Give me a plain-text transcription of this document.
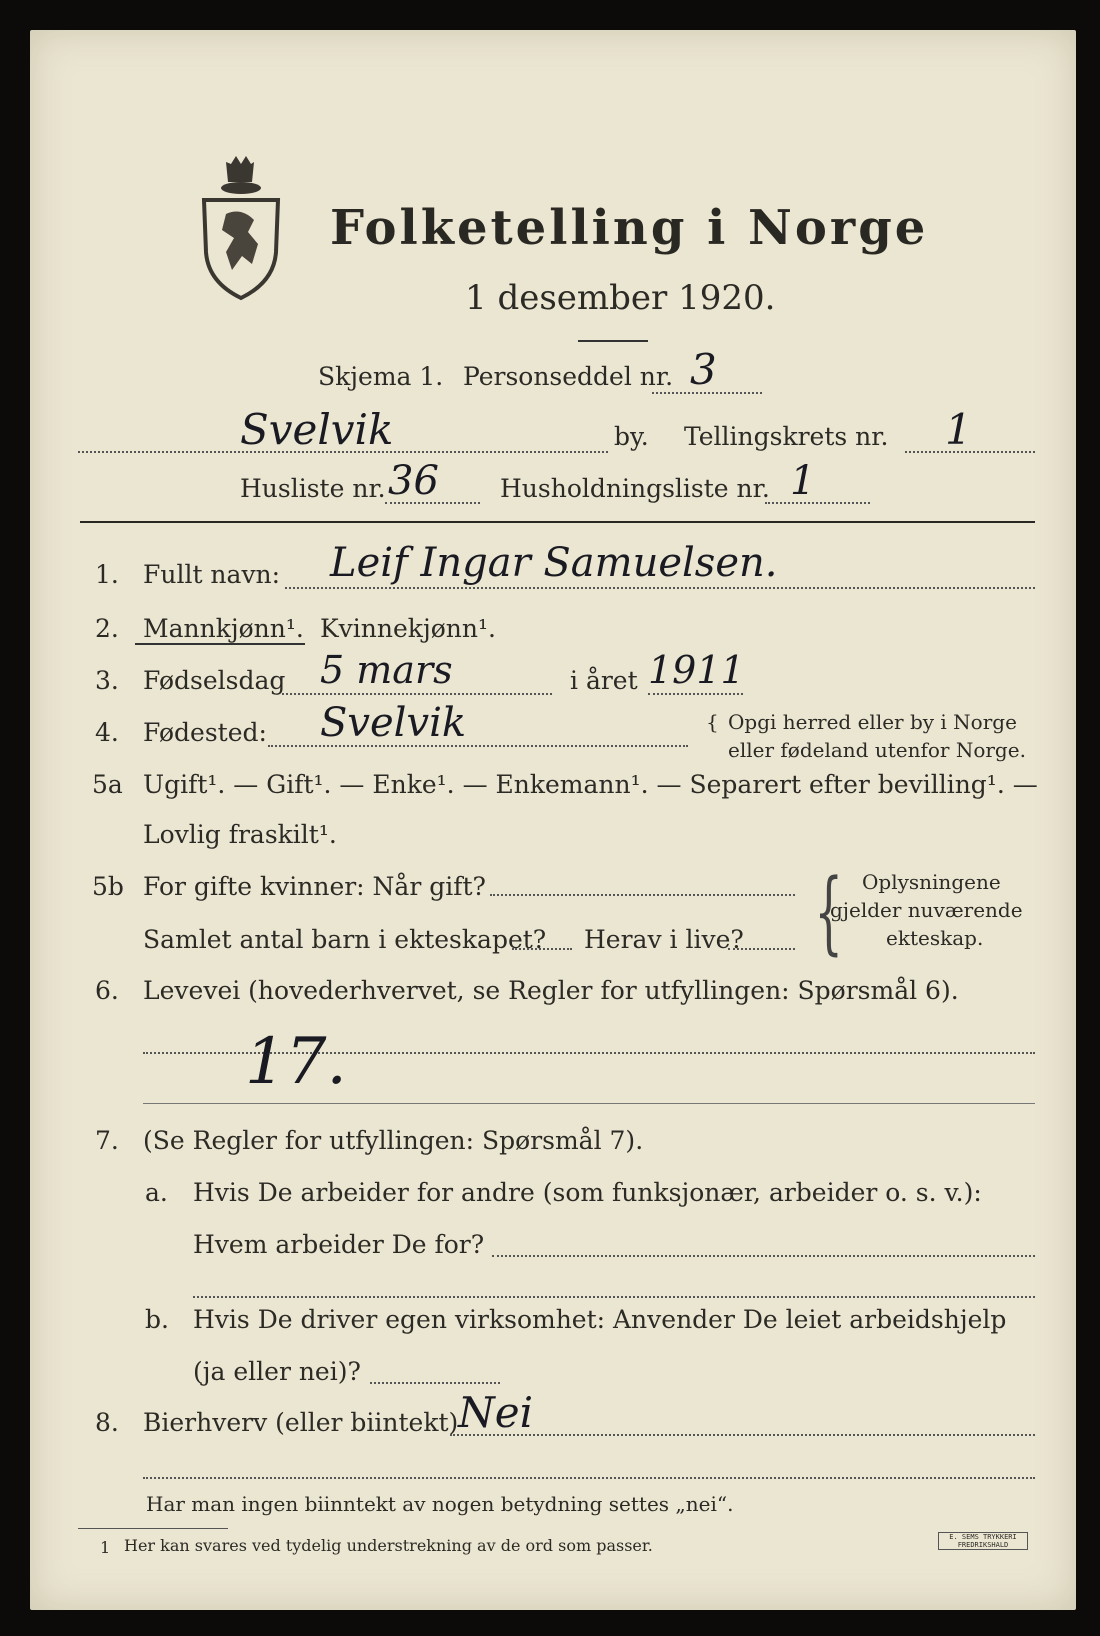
Folketelling i Norge
1 desember 1920.
Skjema 1. Personseddel nr. 3
Svelvik	by. Tellingskrets nr. 1
Husliste nr. 36 Husholdningsliste nr. 1
1. Fullt navn: Leif Ingar Samuelsen.
2. Mannkjønn¹. Kvinnekjønn¹.
3. Fødselsdag 5 mars	i året 1911
4. Fødested: Svelvik	{ Opgi herred eller by i Norge
eller fødeland utenfor Norge.
5a Ugift¹. — Gift¹. — Enke¹. — Enkemann¹. — Separert efter bevilling¹. —
Lovlig fraskilt¹.
5b For gifte kvinner: Når gift?
Samlet antal barn i ekteskapet? Herav i live? { Oplysningene
gjelder nuværende
ekteskap.
6. Levevei (hovederhvervet, se Regler for utfyllingen: Spørsmål 6).
17.
7. (Se Regler for utfyllingen: Spørsmål 7).
a. Hvis De arbeider for andre (som funksjonær, arbeider o. s. v.):
Hvem arbeider De for?
b. Hvis De driver egen virksomhet: Anvender De leiet arbeidshjelp
(ja eller nei)?
8. Bierhverv (eller biintekt) Nei
Har man ingen biinntekt av nogen betydning settes „nei“.
1 Her kan svares ved tydelig understrekning av de ord som passer.	E. SEMS TRYKKERI FREDRIKSHALD
